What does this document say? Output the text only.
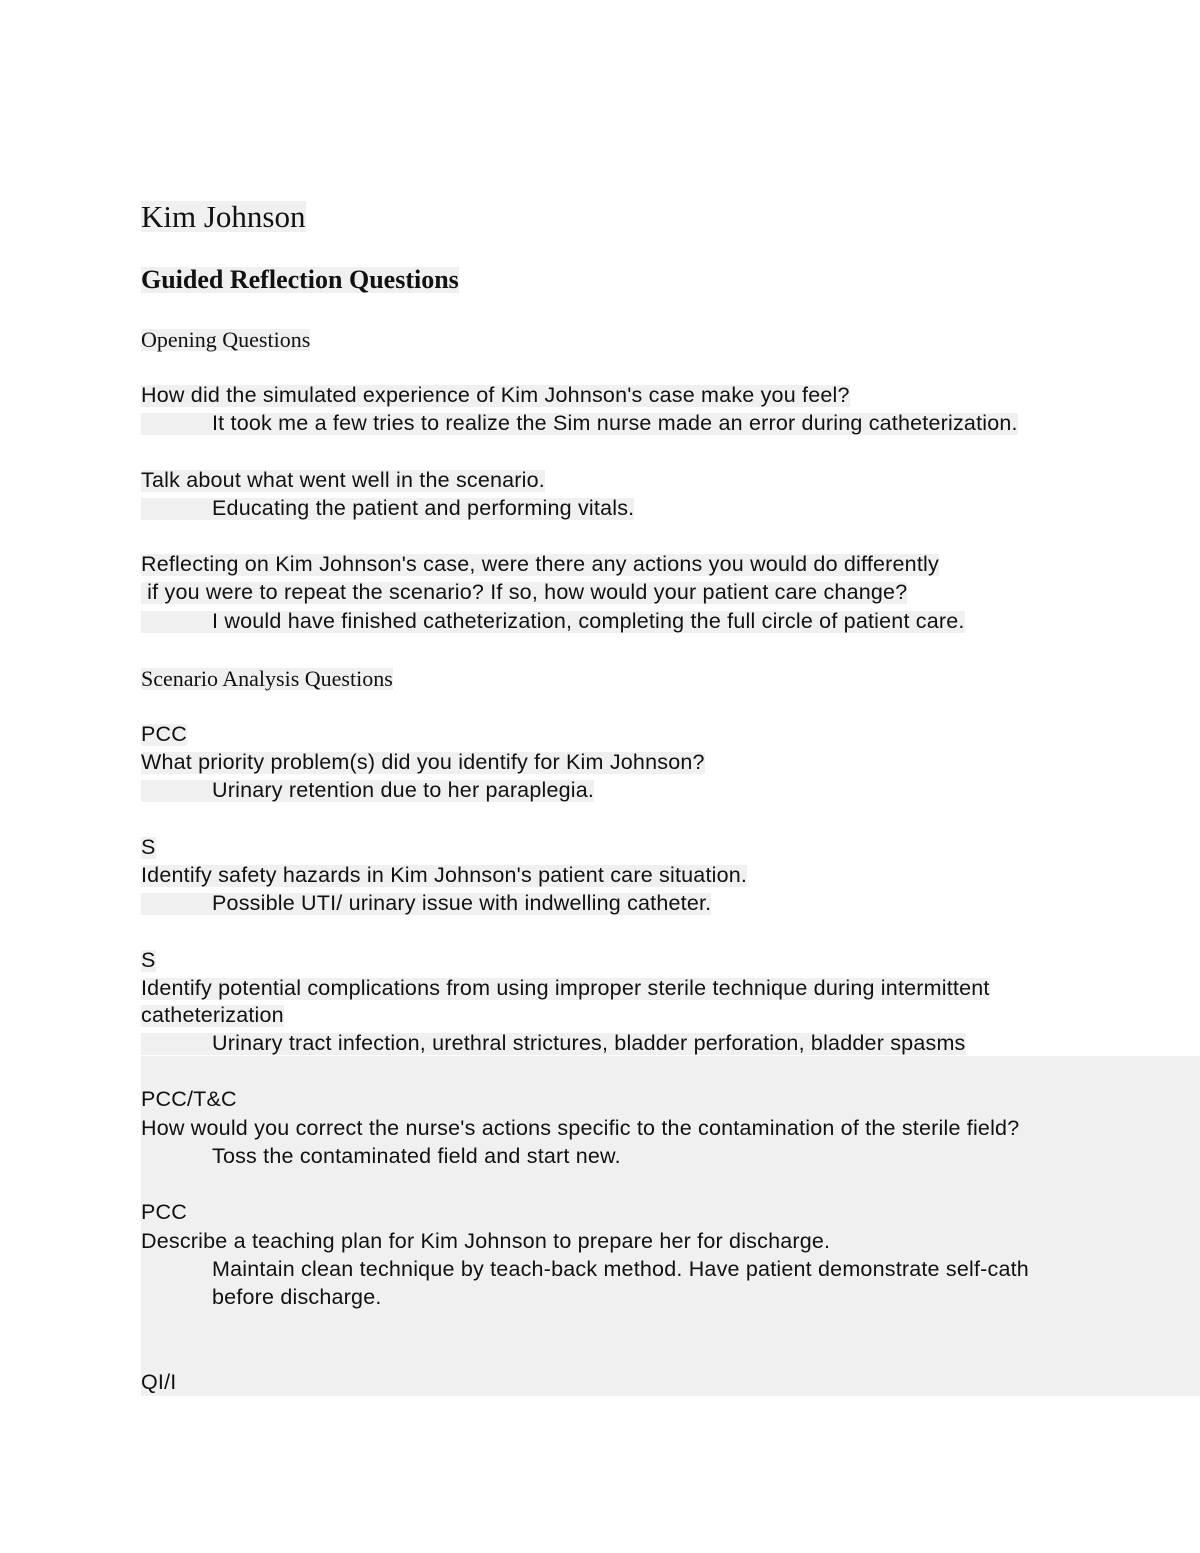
Kim Johnson
Guided Reflection Questions
Opening Questions
How did the simulated experience of Kim Johnson's case make you feel?
It took me a few tries to realize the Sim nurse made an error during catheterization.
Talk about what went well in the scenario.
Educating the patient and performing vitals.
Reflecting on Kim Johnson's case, were there any actions you would do differently
if you were to repeat the scenario? If so, how would your patient care change?
I would have finished catheterization, completing the full circle of patient care.
Scenario Analysis Questions
PCC
What priority problem(s) did you identify for Kim Johnson?
Urinary retention due to her paraplegia.
S
Identify safety hazards in Kim Johnson's patient care situation.
Possible UTI/ urinary issue with indwelling catheter.
S
Identify potential complications from using improper sterile technique during intermittent
catheterization
Urinary tract infection, urethral strictures, bladder perforation, bladder spasms
PCC/T&C
How would you correct the nurse's actions specific to the contamination of the sterile field?
Toss the contaminated field and start new.
PCC
Describe a teaching plan for Kim Johnson to prepare her for discharge.
Maintain clean technique by teach-back method. Have patient demonstrate self-cath
before discharge.
QI/I
